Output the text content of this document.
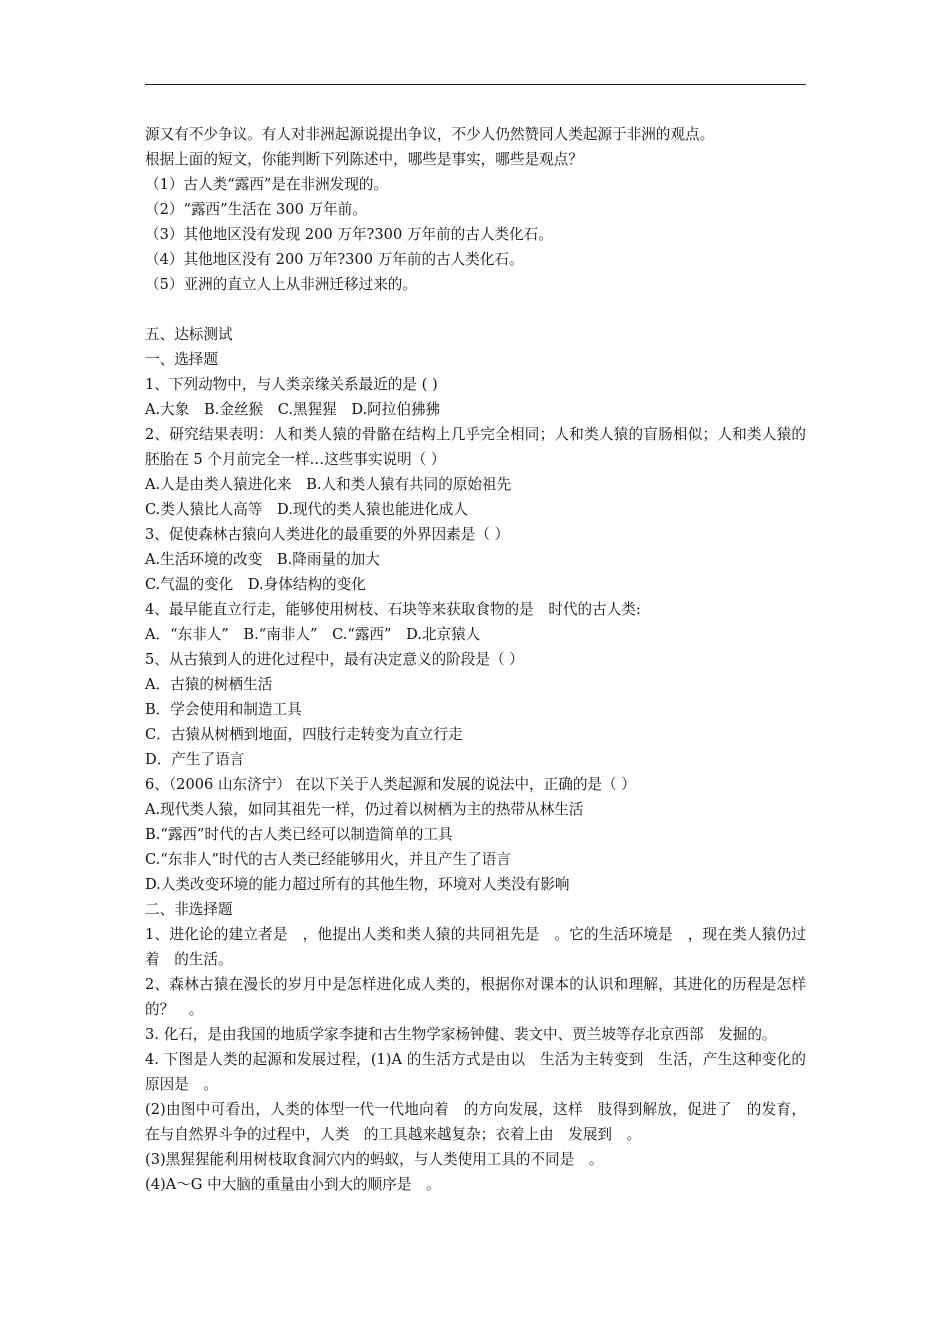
源又有不少争议。有人对非洲起源说提出争议，不少人仍然赞同人类起源于非洲的观点。
根据上面的短文，你能判断下列陈述中，哪些是事实，哪些是观点？
（1）古人类“露西”是在非洲发现的。
（2）“露西”生活在 300 万年前。
（3）其他地区没有发现 200 万年?300 万年前的古人类化石。
（4）其他地区没有 200 万年?300 万年前的古人类化石。
（5）亚洲的直立人上从非洲迁移过来的。
五、达标测试
一、选择题
1、下列动物中，与人类亲缘关系最近的是 ( )
A.大象　B.金丝猴　C.黑猩猩　D.阿拉伯狒狒
2、研究结果表明：人和类人猿的骨骼在结构上几乎完全相同；人和类人猿的盲肠相似；人和类人猿的胚胎在 5 个月前完全一样…这些事实说明（ ）
A.人是由类人猿进化来　B.人和类人猿有共同的原始祖先
C.类人猿比人高等　D.现代的类人猿也能进化成人
3、促使森林古猿向人类进化的最重要的外界因素是（ ）
A.生活环境的改变　B.降雨量的加大
C.气温的变化　D.身体结构的变化
4、最早能直立行走，能够使用树枝、石块等来获取食物的是　时代的古人类:
A．“东非人”　B.“南非人”　C.“露西”　D.北京猿人
5、从古猿到人的进化过程中，最有决定意义的阶段是（ ）
A．古猿的树栖生活
B．学会使用和制造工具
C．古猿从树栖到地面，四肢行走转变为直立行走
D．产生了语言
6、（2006 山东济宁） 在以下关于人类起源和发展的说法中，正确的是（ ）
A.现代类人猿，如同其祖先一样，仍过着以树栖为主的热带从林生活
B.“露西”时代的古人类已经可以制造简单的工具
C.“东非人”时代的古人类已经能够用火，并且产生了语言
D.人类改变环境的能力超过所有的其他生物，环境对人类没有影响
二、非选择题
1、进化论的建立者是　，他提出人类和类人猿的共同祖先是　。它的生活环境是　，现在类人猿仍过着　的生活。
2、森林古猿在漫长的岁月中是怎样进化成人类的，根据你对课本的认识和理解，其进化的历程是怎样的？　。
3. 化石，是由我国的地质学家李捷和古生物学家杨钟健、裴文中、贾兰坡等存北京西部　发掘的。
4. 下图是人类的起源和发展过程，(1)A 的生活方式是由以　生活为主转变到　生活，产生这种变化的原因是　。
(2)由图中可看出，人类的体型一代一代地向着　的方向发展，这样　肢得到解放，促进了　的发育，在与自然界斗争的过程中，人类　的工具越来越复杂；衣着上由　发展到　。
(3)黑猩猩能利用树枝取食洞穴内的蚂蚁，与人类使用工具的不同是　。
(4)A～G 中大脑的重量由小到大的顺序是　。
